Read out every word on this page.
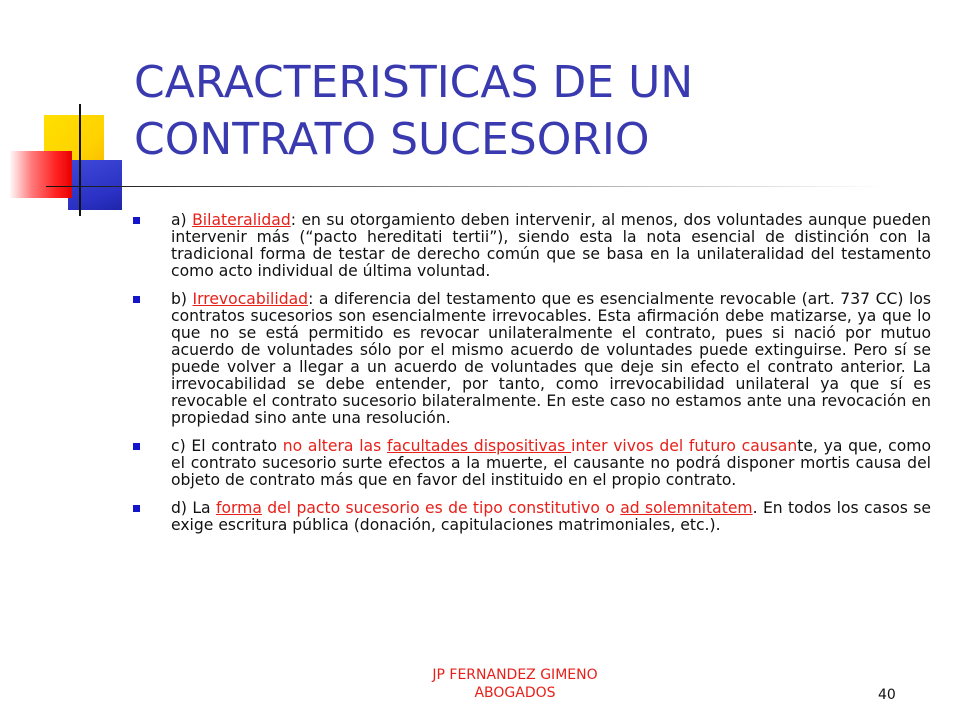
CARACTERISTICAS DE UN
CONTRATO SUCESORIO
a) Bilateralidad: en su otorgamiento deben intervenir, al menos, dos voluntades aunque pueden intervenir más (“pacto hereditati tertii”), siendo esta la nota esencial de distinción con la tradicional forma de testar de derecho común que se basa en la unilateralidad del testamento como acto individual de última voluntad.
b) Irrevocabilidad: a diferencia del testamento que es esencialmente revocable (art. 737 CC) los contratos sucesorios son esencialmente irrevocables. Esta afirmación debe matizarse, ya que lo que no se está permitido es revocar unilateralmente el contrato, pues si nació por mutuo acuerdo de voluntades sólo por el mismo acuerdo de voluntades puede extinguirse. Pero sí se puede volver a llegar a un acuerdo de voluntades que deje sin efecto el contrato anterior. La irrevocabilidad se debe entender, por tanto, como irrevocabilidad unilateral ya que sí es revocable el contrato sucesorio bilateralmente. En este caso no estamos ante una revocación en propiedad sino ante una resolución.
c) El contrato no altera las facultades dispositivas inter vivos del futuro causante, ya que, como el contrato sucesorio surte efectos a la muerte, el causante no podrá disponer mortis causa del objeto de contrato más que en favor del instituido en el propio contrato.
d) La forma del pacto sucesorio es de tipo constitutivo o ad solemnitatem. En todos los casos se exige escritura pública (donación, capitulaciones matrimoniales, etc.).
JP FERNANDEZ GIMENO
ABOGADOS	40
